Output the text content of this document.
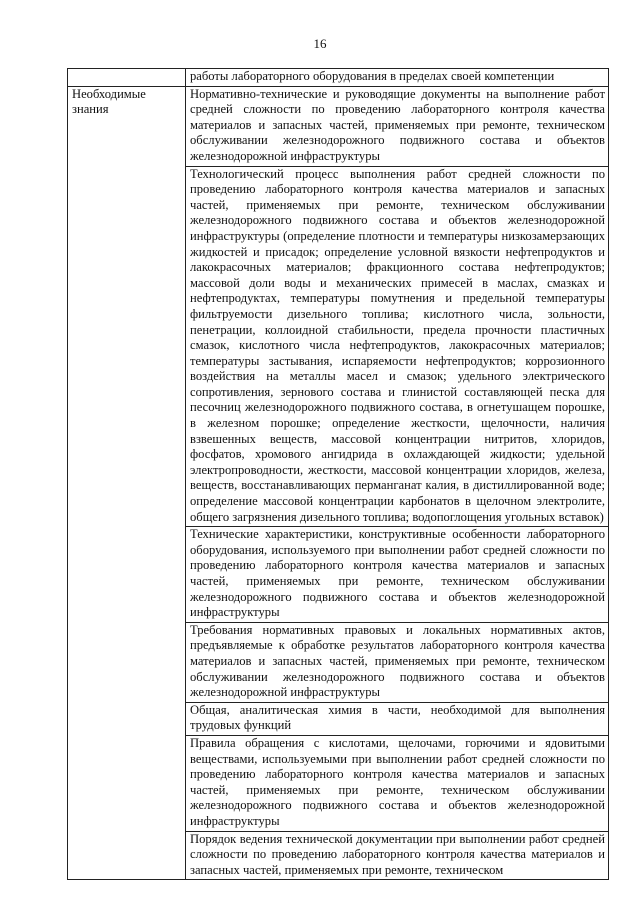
16
	работы лабораторного оборудования в пределах своей компетенции

Необходимые знания	Нормативно-технические и руководящие документы на выполнение работ средней сложности по проведению лабораторного контроля качества материалов и запасных частей, применяемых при ремонте, техническом обслуживании железнодорожного подвижного состава и объектов железнодорожной инфраструктуры
	Технологический процесс выполнения работ средней сложности по проведению лабораторного контроля качества материалов и запасных частей, применяемых при ремонте, техническом обслуживании железнодорожного подвижного состава и объектов железнодорожной инфраструктуры (определение плотности и температуры низкозамерзающих жидкостей и присадок; определение условной вязкости нефтепродуктов и лакокрасочных материалов; фракционного состава нефтепродуктов; массовой доли воды и механических примесей в маслах, смазках и нефтепродуктах, температуры помутнения и предельной температуры фильтруемости дизельного топлива; кислотного числа, зольности, пенетрации, коллоидной стабильности, предела прочности пластичных смазок, кислотного числа нефтепродуктов, лакокрасочных материалов; температуры застывания, испаряемости нефтепродуктов; коррозионного воздействия на металлы масел и смазок; удельного электрического сопротивления, зернового состава и глинистой составляющей песка для песочниц железнодорожного подвижного состава, в огнетушащем порошке, в железном порошке; определение жесткости, щелочности, наличия взвешенных веществ, массовой концентрации нитритов, хлоридов, фосфатов, хромового ангидрида в охлаждающей жидкости; удельной электропроводности, жесткости, массовой концентрации хлоридов, железа, веществ, восстанавливающих перманганат калия, в дистиллированной воде; определение массовой концентрации карбонатов в щелочном электролите, общего загрязнения дизельного топлива; водопоглощения угольных вставок)
	Технические характеристики, конструктивные особенности лабораторного оборудования, используемого при выполнении работ средней сложности по проведению лабораторного контроля качества материалов и запасных частей, применяемых при ремонте, техническом обслуживании железнодорожного подвижного состава и объектов железнодорожной инфраструктуры
	Требования нормативных правовых и локальных нормативных актов, предъявляемые к обработке результатов лабораторного контроля качества материалов и запасных частей, применяемых при ремонте, техническом обслуживании железнодорожного подвижного состава и объектов железнодорожной инфраструктуры
	Общая, аналитическая химия в части, необходимой для выполнения трудовых функций
	Правила обращения с кислотами, щелочами, горючими и ядовитыми веществами, используемыми при выполнении работ средней сложности по проведению лабораторного контроля качества материалов и запасных частей, применяемых при ремонте, техническом обслуживании железнодорожного подвижного состава и объектов железнодорожной инфраструктуры
	Порядок ведения технической документации при выполнении работ средней сложности по проведению лабораторного контроля качества материалов и запасных частей, применяемых при ремонте, техническом
